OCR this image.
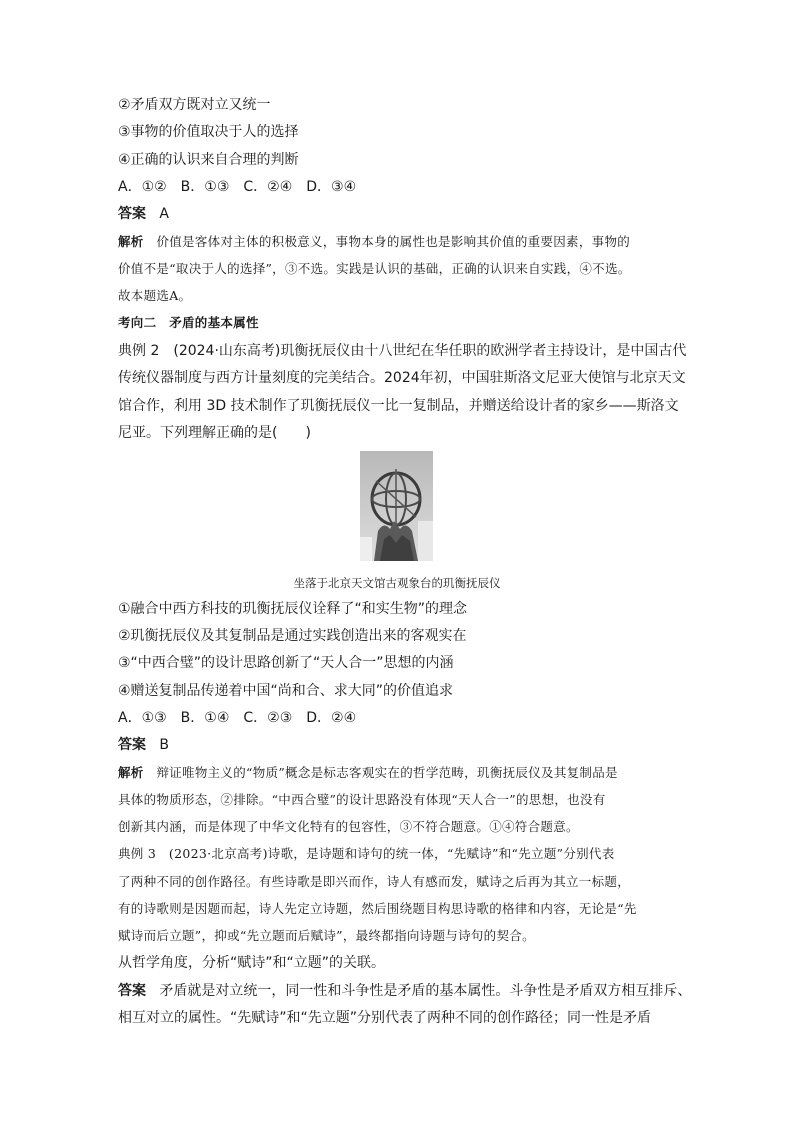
②矛盾双方既对立又统一
③事物的价值取决于人的选择
④正确的认识来自合理的判断
A．①②　B．①③　C．②④　D．③④
答案 A
解析 价值是客体对主体的积极意义，事物本身的属性也是影响其价值的重要因素，事物的
价值不是“取决于人的选择”，③不选。实践是认识的基础，正确的认识来自实践，④不选。
故本题选A。
考向二　矛盾的基本属性
典例 2　(2024·山东高考)玑衡抚辰仪由十八世纪在华任职的欧洲学者主持设计，是中国古代
传统仪器制度与西方计量刻度的完美结合。2024年初，中国驻斯洛文尼亚大使馆与北京天文
馆合作，利用 3D 技术制作了玑衡抚辰仪一比一复制品，并赠送给设计者的家乡——斯洛文
尼亚。下列理解正确的是(　　)
坐落于北京天文馆古观象台的玑衡抚辰仪
①融合中西方科技的玑衡抚辰仪诠释了“和实生物”的理念
②玑衡抚辰仪及其复制品是通过实践创造出来的客观实在
③“中西合璧”的设计思路创新了“天人合一”思想的内涵
④赠送复制品传递着中国“尚和合、求大同”的价值追求
A．①③　B．①④　C．②③　D．②④
答案 B
解析 辩证唯物主义的“物质”概念是标志客观实在的哲学范畴，玑衡抚辰仪及其复制品是
具体的物质形态，②排除。“中西合璧”的设计思路没有体现“天人合一”的思想，也没有
创新其内涵，而是体现了中华文化特有的包容性，③不符合题意。①④符合题意。
典例 3　(2023·北京高考)诗歌，是诗题和诗句的统一体，“先赋诗”和“先立题”分别代表
了两种不同的创作路径。有些诗歌是即兴而作，诗人有感而发，赋诗之后再为其立一标题，
有的诗歌则是因题而起，诗人先定立诗题，然后围绕题目构思诗歌的格律和内容，无论是“先
赋诗而后立题”，抑或“先立题而后赋诗”，最终都指向诗题与诗句的契合。
从哲学角度，分析“赋诗”和“立题”的关联。
答案 矛盾就是对立统一，同一性和斗争性是矛盾的基本属性。斗争性是矛盾双方相互排斥、
相互对立的属性。“先赋诗”和“先立题”分别代表了两种不同的创作路径；同一性是矛盾
